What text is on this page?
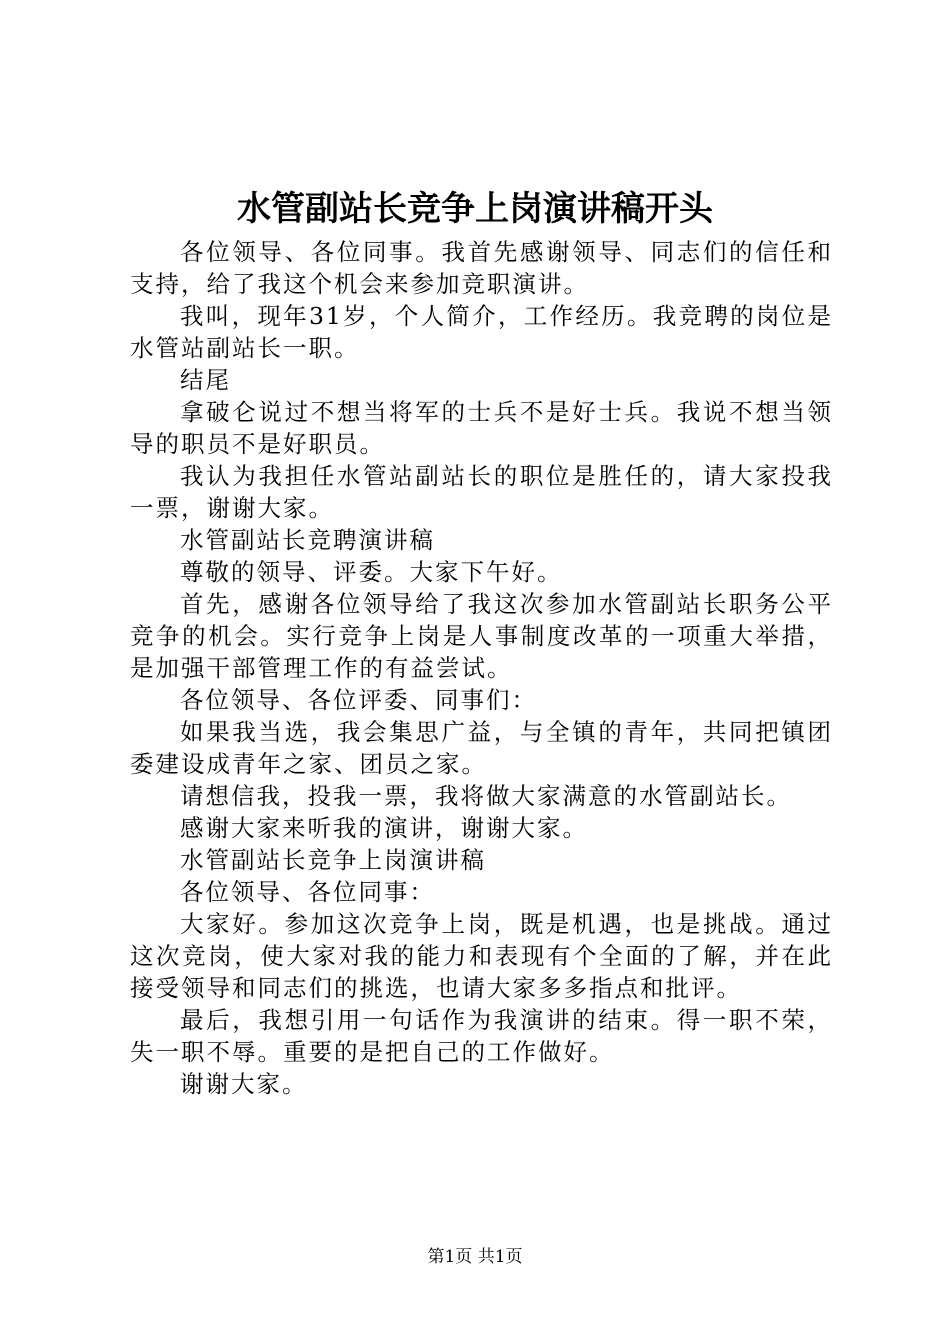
水管副站长竞争上岗演讲稿开头

各位领导、各位同事。我首先感谢领导、同志们的信任和支持，给了我这个机会来参加竞职演讲。

我叫，现年31岁，个人简介，工作经历。我竞聘的岗位是水管站副站长一职。

结尾

拿破仑说过不想当将军的士兵不是好士兵。我说不想当领导的职员不是好职员。

我认为我担任水管站副站长的职位是胜任的，请大家投我一票，谢谢大家。

水管副站长竞聘演讲稿

尊敬的领导、评委。大家下午好。

首先，感谢各位领导给了我这次参加水管副站长职务公平竞争的机会。实行竞争上岗是人事制度改革的一项重大举措，是加强干部管理工作的有益尝试。

各位领导、各位评委、同事们：

如果我当选，我会集思广益，与全镇的青年，共同把镇团委建设成青年之家、团员之家。

请想信我，投我一票，我将做大家满意的水管副站长。

感谢大家来听我的演讲，谢谢大家。

水管副站长竞争上岗演讲稿

各位领导、各位同事：

大家好。参加这次竞争上岗，既是机遇，也是挑战。通过这次竞岗，使大家对我的能力和表现有个全面的了解，并在此接受领导和同志们的挑选，也请大家多多指点和批评。

最后，我想引用一句话作为我演讲的结束。得一职不荣，失一职不辱。重要的是把自己的工作做好。

谢谢大家。

第1页 共1页
